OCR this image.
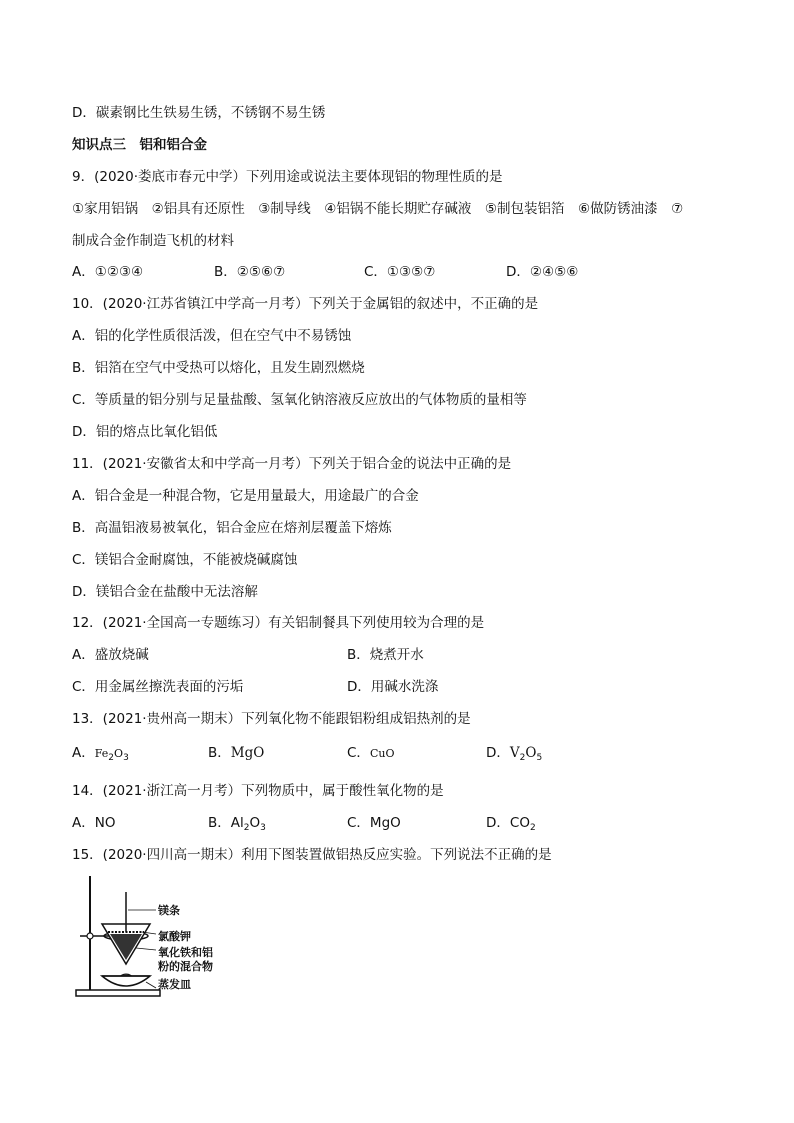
D．碳素钢比生铁易生锈，不锈钢不易生锈
知识点三　铝和铝合金
9．(2020·娄底市春元中学）下列用途或说法主要体现铝的物理性质的是
①家用铝锅　②铝具有还原性　③制导线　④铝锅不能长期贮存碱液　⑤制包装铝箔　⑥做防锈油漆　⑦
制成合金作制造飞机的材料
A．①②③④	B．②⑤⑥⑦	C．①③⑤⑦	D．②④⑤⑥
10．(2020·江苏省镇江中学高一月考）下列关于金属铝的叙述中，不正确的是
A．铝的化学性质很活泼，但在空气中不易锈蚀
B．铝箔在空气中受热可以熔化，且发生剧烈燃烧
C．等质量的铝分别与足量盐酸、氢氧化钠溶液反应放出的气体物质的量相等
D．铝的熔点比氧化铝低
11．(2021·安徽省太和中学高一月考）下列关于铝合金的说法中正确的是
A．铝合金是一种混合物，它是用量最大，用途最广的合金
B．高温铝液易被氧化，铝合金应在熔剂层覆盖下熔炼
C．镁铝合金耐腐蚀，不能被烧碱腐蚀
D．镁铝合金在盐酸中无法溶解
12．(2021·全国高一专题练习）有关铝制餐具下列使用较为合理的是
A．盛放烧碱	B．烧煮开水
C．用金属丝擦洗表面的污垢	D．用碱水洗涤
13．(2021·贵州高一期末）下列氧化物不能跟铝粉组成铝热剂的是
A．$Fe_2O_3$	B．MgO	C．CuO	D．$V_2O_5$
14．(2021·浙江高一月考）下列物质中，属于酸性氧化物的是
A．NO	B．$Al_2O_3$	C．MgO	D．$CO_2$
15．(2020·四川高一期末）利用下图装置做铝热反应实验。下列说法不正确的是
镁条
氯酸钾
氧化铁和铝
粉的混合物
蒸发皿
